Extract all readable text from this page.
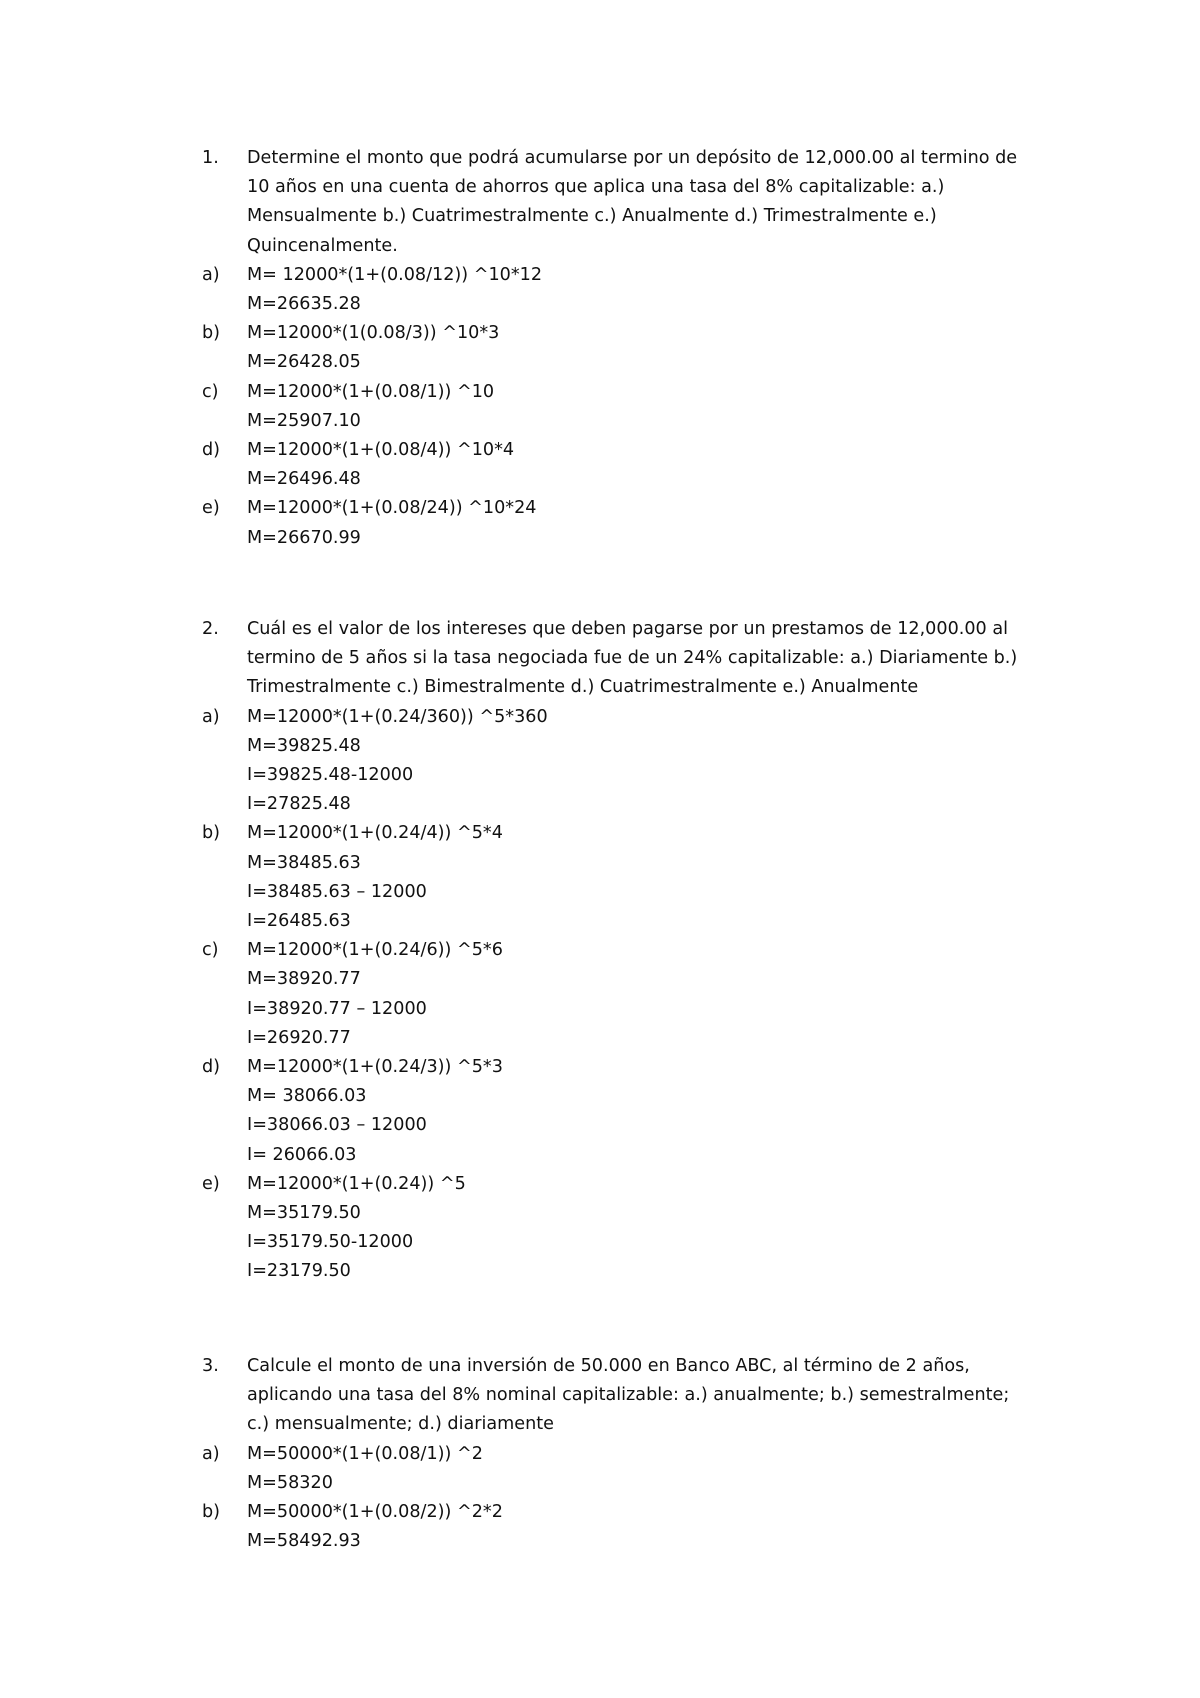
1. Determine el monto que podrá acumularse por un depósito de 12,000.00 al termino de
10 años en una cuenta de ahorros que aplica una tasa del 8% capitalizable: a.)
Mensualmente b.) Cuatrimestralmente c.) Anualmente d.) Trimestralmente e.)
Quincenalmente.
a) M= 12000*(1+(0.08/12)) ^10*12
M=26635.28
b) M=12000*(1(0.08/3)) ^10*3
M=26428.05
c) M=12000*(1+(0.08/1)) ^10
M=25907.10
d) M=12000*(1+(0.08/4)) ^10*4
M=26496.48
e) M=12000*(1+(0.08/24)) ^10*24
M=26670.99
2. Cuál es el valor de los intereses que deben pagarse por un prestamos de 12,000.00 al
termino de 5 años si la tasa negociada fue de un 24% capitalizable: a.) Diariamente b.)
Trimestralmente c.) Bimestralmente d.) Cuatrimestralmente e.) Anualmente
a) M=12000*(1+(0.24/360)) ^5*360
M=39825.48
I=39825.48-12000
I=27825.48
b) M=12000*(1+(0.24/4)) ^5*4
M=38485.63
I=38485.63 – 12000
I=26485.63
c) M=12000*(1+(0.24/6)) ^5*6
M=38920.77
I=38920.77 – 12000
I=26920.77
d) M=12000*(1+(0.24/3)) ^5*3
M= 38066.03
I=38066.03 – 12000
I= 26066.03
e) M=12000*(1+(0.24)) ^5
M=35179.50
I=35179.50-12000
I=23179.50
3. Calcule el monto de una inversión de 50.000 en Banco ABC, al término de 2 años,
aplicando una tasa del 8% nominal capitalizable: a.) anualmente; b.) semestralmente;
c.) mensualmente; d.) diariamente
a) M=50000*(1+(0.08/1)) ^2
M=58320
b) M=50000*(1+(0.08/2)) ^2*2
M=58492.93
